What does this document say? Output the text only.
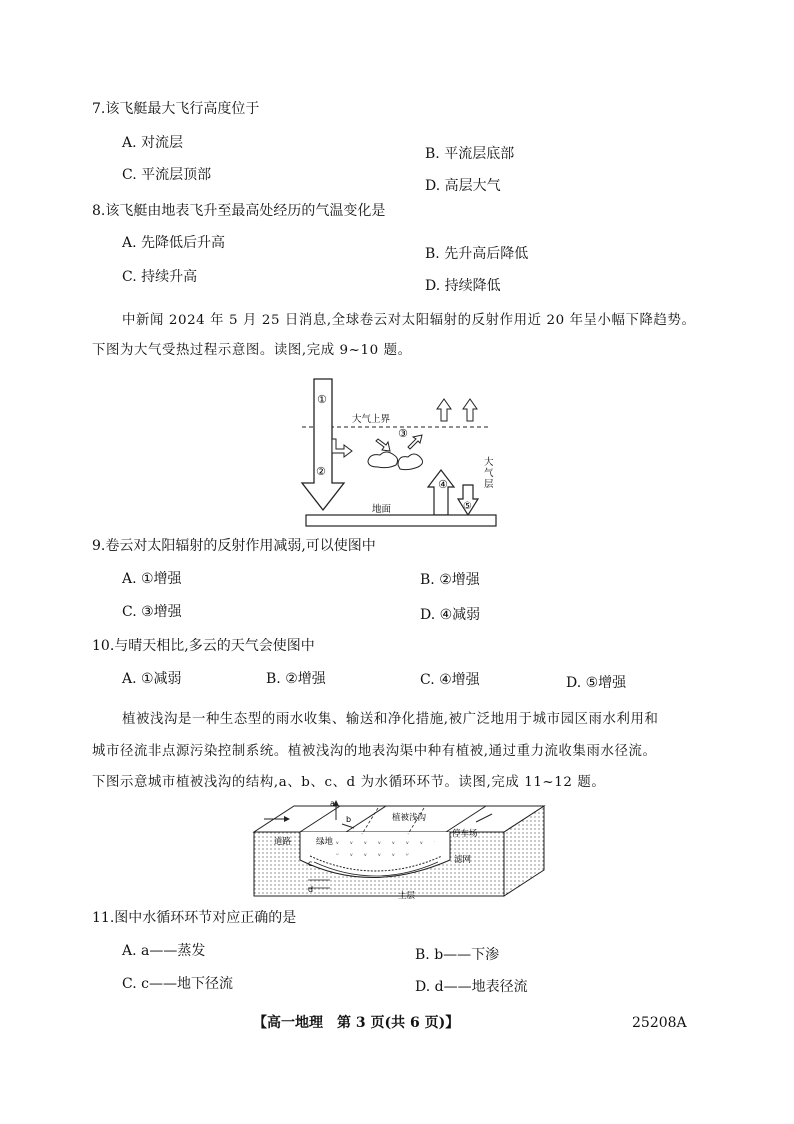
7.该飞艇最大飞行高度位于
A. 对流层
B. 平流层底部
C. 平流层顶部
D. 高层大气
8.该飞艇由地表飞升至最高处经历的气温变化是
A. 先降低后升高
B. 先升高后降低
C. 持续升高
D. 持续降低
中新闻 2024 年 5 月 25 日消息,全球卷云对太阳辐射的反射作用近 20 年呈小幅下降趋势。
下图为大气受热过程示意图。读图,完成 9~10 题。
大气上界
①
②
③
④
⑤
大
气
层
地面
9.卷云对太阳辐射的反射作用减弱,可以使图中
A. ①增强	B. ②增强
C. ③增强	D. ④减弱
10.与晴天相比,多云的天气会使图中
A. ①减弱	B. ②增强	C. ④增强	D. ⑤增强
植被浅沟是一种生态型的雨水收集、输送和净化措施,被广泛地用于城市园区雨水利用和
城市径流非点源污染控制系统。植被浅沟的地表沟渠中种有植被,通过重力流收集雨水径流。
下图示意城市植被浅沟的结构,a、b、c、d 为水循环环节。读图,完成 11~12 题。
a
b
c
d
道路	绿地
植被浅沟
停车场
滤网
土层
11.图中水循环环节对应正确的是
A. a——蒸发	B. b——下渗
C. c——地下径流	D. d——地表径流
【高一地理　第 3 页(共 6 页)】	25208A
